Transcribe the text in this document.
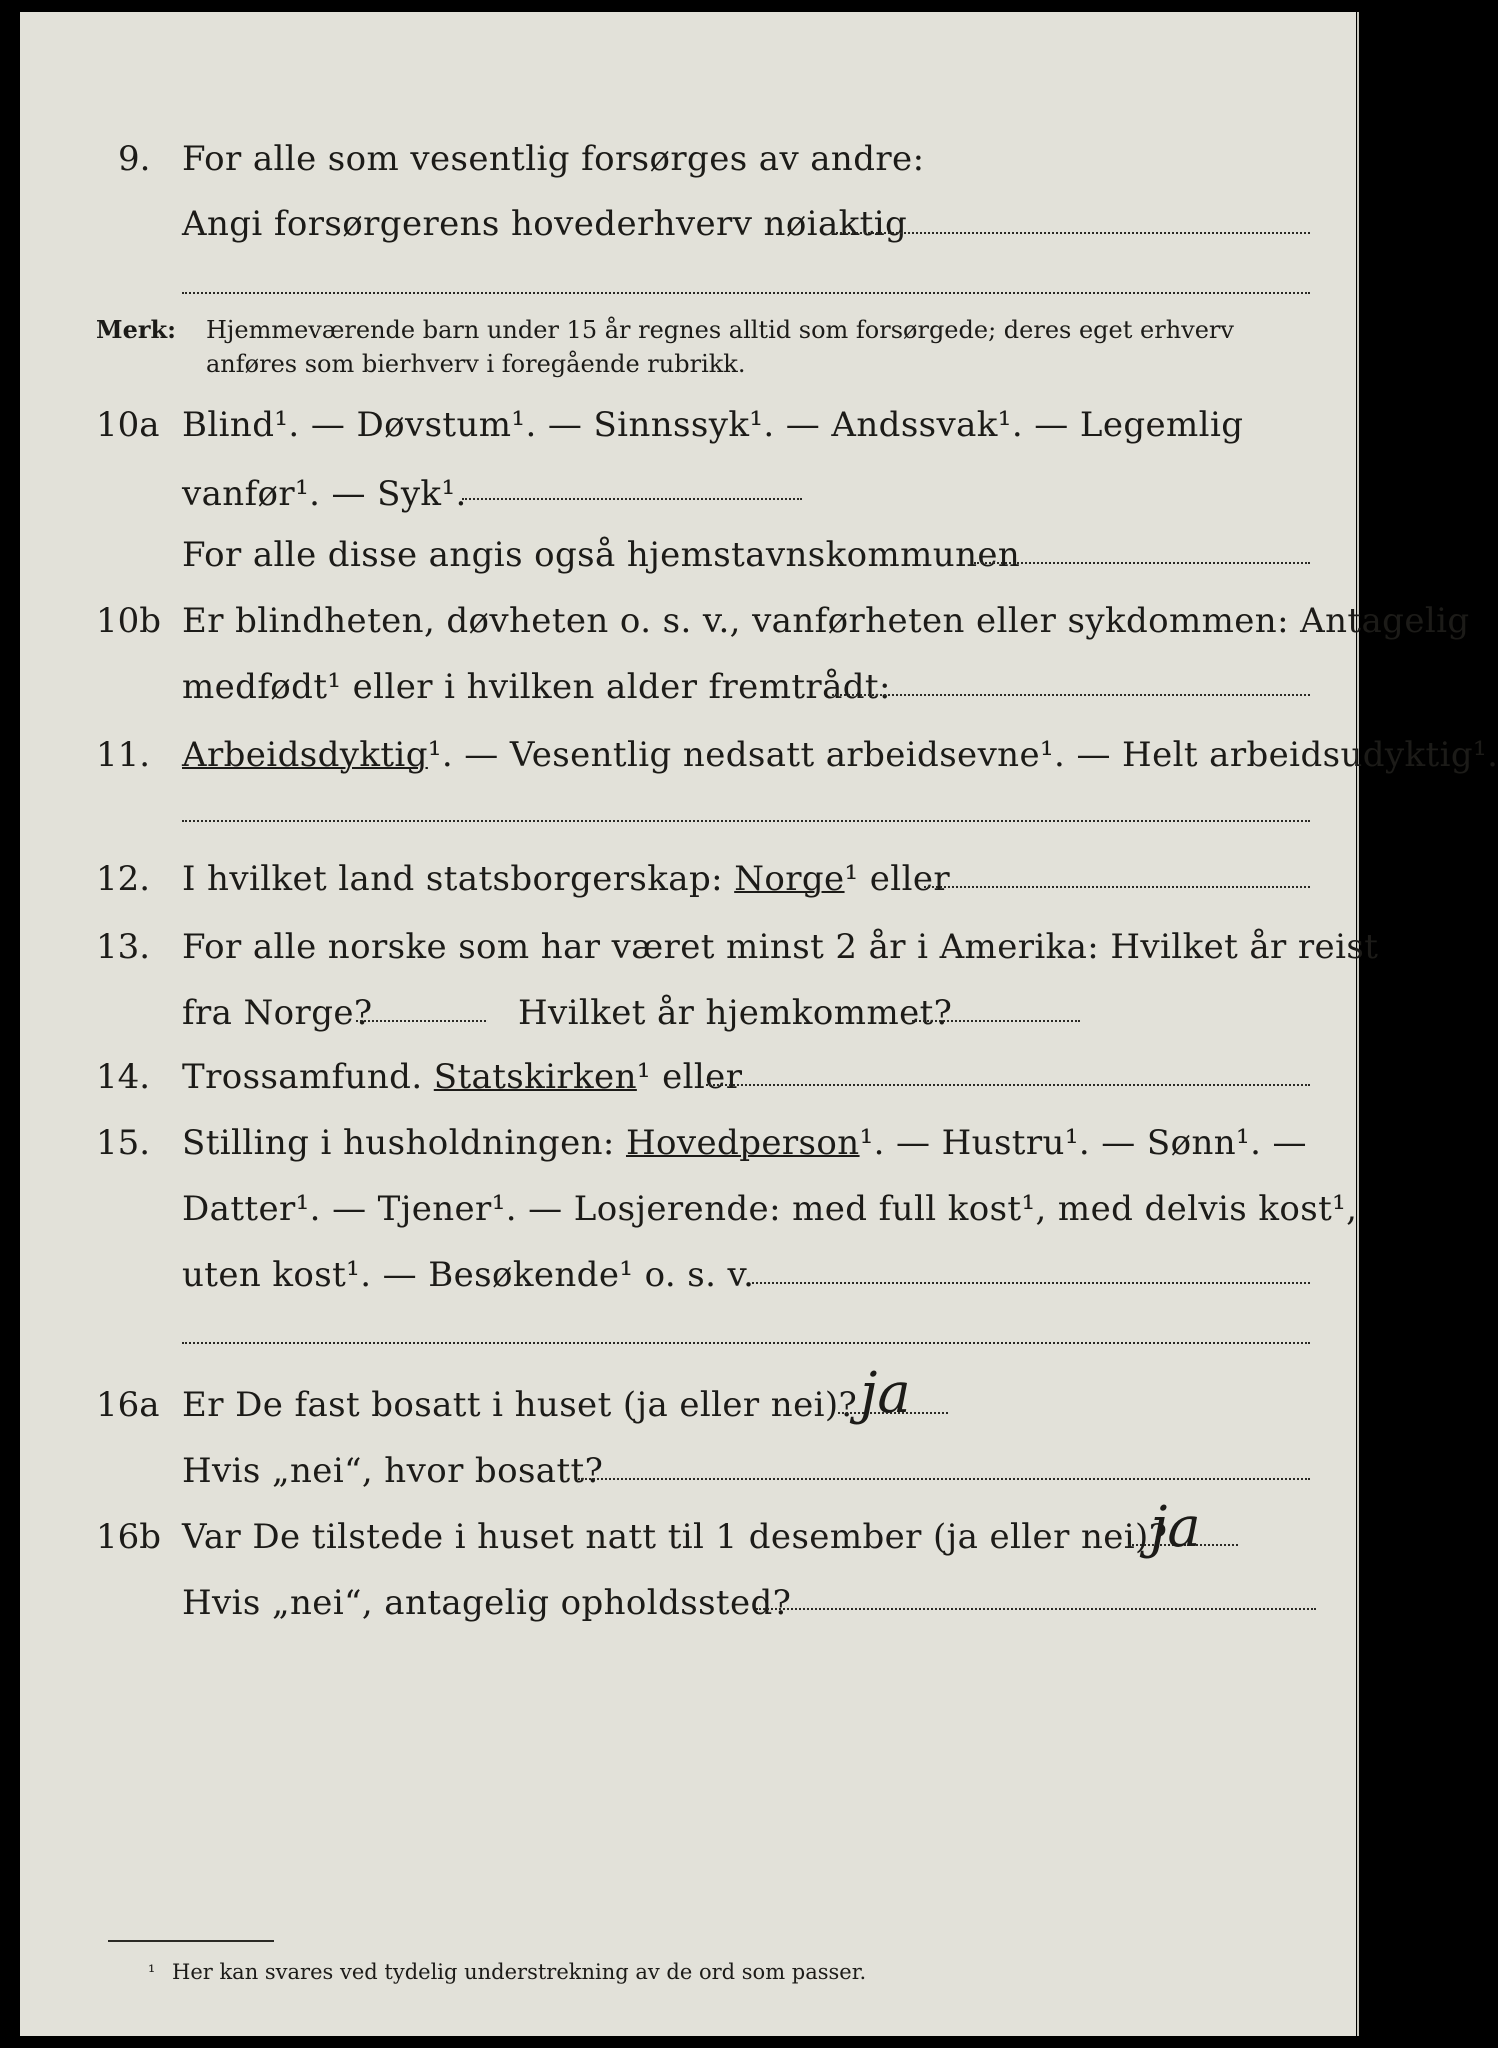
9. For alle som vesentlig forsørges av andre:
Angi forsørgerens hovederhverv nøiaktig
Merk: Hjemmeværende barn under 15 år regnes alltid som forsørgede; deres eget erhverv
anføres som bierhverv i foregående rubrikk.
10a Blind¹. — Døvstum¹. — Sinnssyk¹. — Andssvak¹. — Legemlig
vanfør¹. — Syk¹.
For alle disse angis også hjemstavnskommunen
10b Er blindheten, døvheten o. s. v., vanførheten eller sykdommen: Antagelig
medfødt¹ eller i hvilken alder fremtrådt:
11. Arbeidsdyktig¹. — Vesentlig nedsatt arbeidsevne¹. — Helt arbeidsudyktig¹.
12. I hvilket land statsborgerskap: Norge¹ eller
13. For alle norske som har været minst 2 år i Amerika: Hvilket år reist
fra Norge?	Hvilket år hjemkommet?
14. Trossamfund. Statskirken¹ eller
15. Stilling i husholdningen: Hovedperson¹. — Hustru¹. — Sønn¹. —
Datter¹. — Tjener¹. — Losjerende: med full kost¹, med delvis kost¹,
uten kost¹. — Besøkende¹ o. s. v.
16a Er De fast bosatt i huset (ja eller nei)? ja
Hvis „nei“, hvor bosatt?
16b Var De tilstede i huset natt til 1 desember (ja eller nei)?
ja
Hvis „nei“, antagelig opholdssted?
¹ Her kan svares ved tydelig understrekning av de ord som passer.
